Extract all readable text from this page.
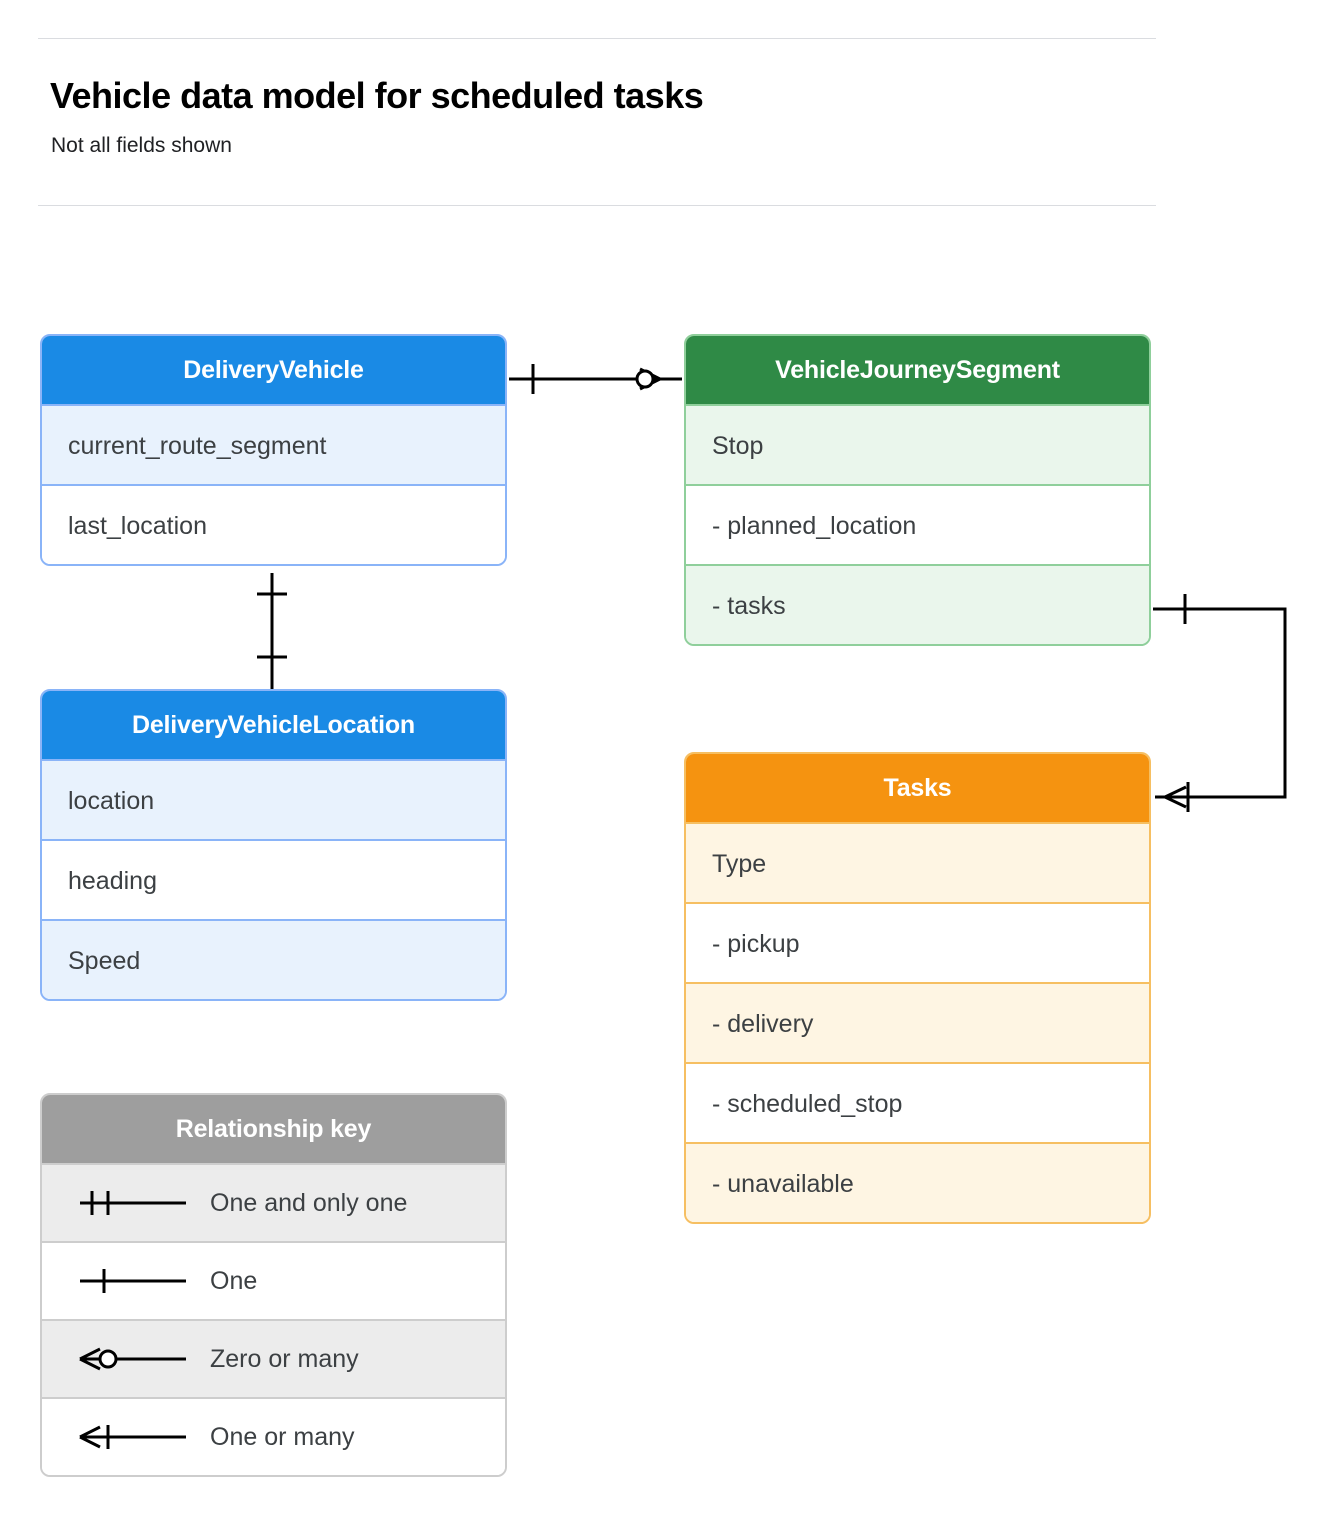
Vehicle data model for scheduled tasks
Not all fields shown
DeliveryVehicle
current_route_segment
last_location
DeliveryVehicleLocation
location
heading
Speed
VehicleJourneySegment
Stop
- planned_location
- tasks
Tasks
Type
- pickup
- delivery
- scheduled_stop
- unavailable
Relationship key
One and only one
One
Zero or many
One or many
